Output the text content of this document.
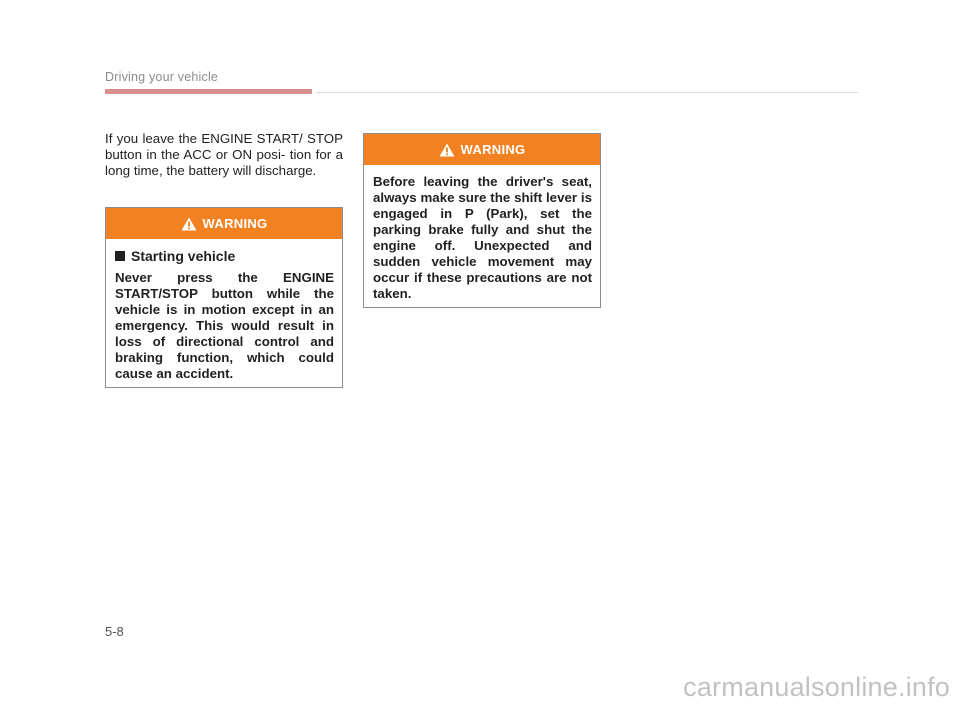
Driving your vehicle

If you leave the ENGINE START/ STOP button in the ACC or ON posi- tion for a long time, the battery will discharge.

WARNING
Starting vehicle

Never press the ENGINE START/STOP button while the vehicle is in motion except in an emergency. This would result in loss of directional control and braking function, which could cause an accident.

WARNING

Before leaving the driver's seat, always make sure the shift lever is engaged in P (Park), set the parking brake fully and shut the engine off. Unexpected and sudden vehicle movement may occur if these precautions are not taken.

5-8
carmanualsonline.info
